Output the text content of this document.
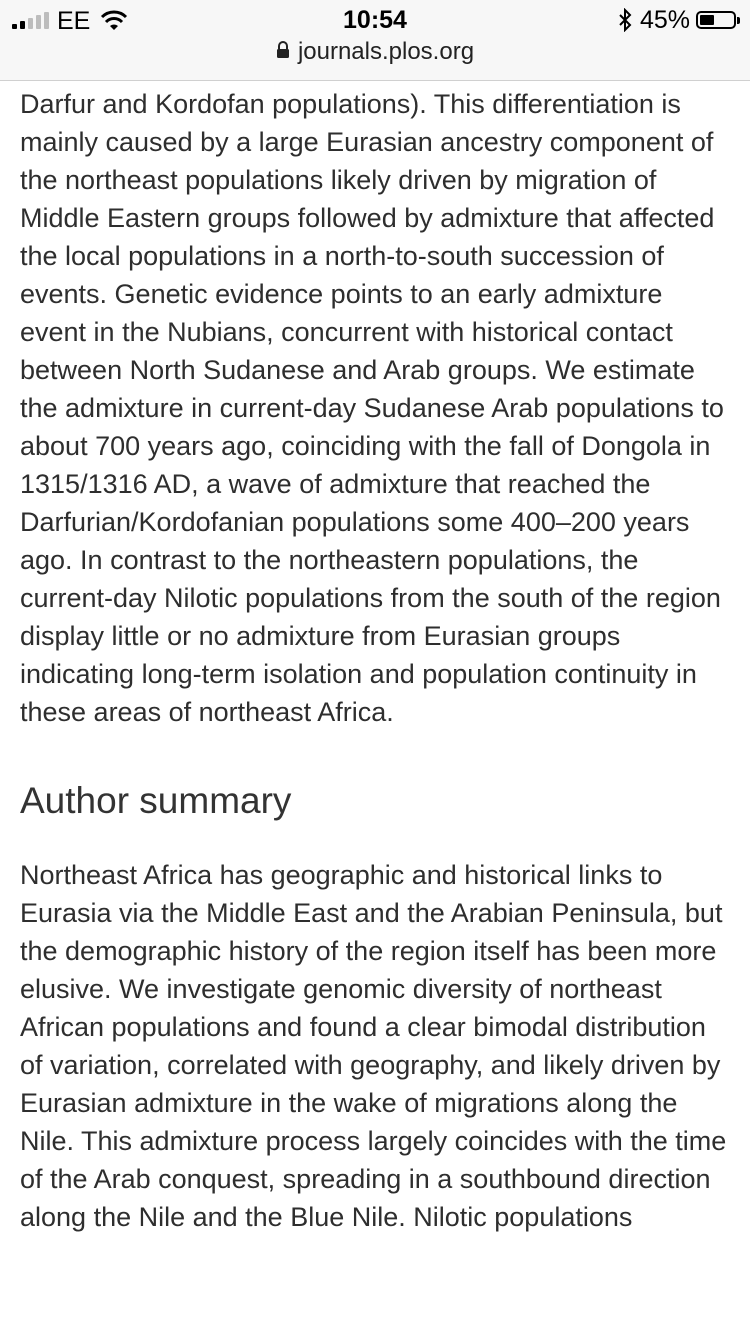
EE	10:54	45%
journals.plos.org

Darfur and Kordofan populations). This differentiation is mainly caused by a large Eurasian ancestry component of the northeast populations likely driven by migration of Middle Eastern groups followed by admixture that affected the local populations in a north-to-south succession of events. Genetic evidence points to an early admixture event in the Nubians, concurrent with historical contact between North Sudanese and Arab groups. We estimate the admixture in current-day Sudanese Arab populations to about 700 years ago, coinciding with the fall of Dongola in 1315/1316 AD, a wave of admixture that reached the Darfurian/Kordofanian populations some 400–200 years ago. In contrast to the northeastern populations, the current-day Nilotic populations from the south of the region display little or no admixture from Eurasian groups indicating long-term isolation and population continuity in these areas of northeast Africa.

Author summary

Northeast Africa has geographic and historical links to Eurasia via the Middle East and the Arabian Peninsula, but the demographic history of the region itself has been more elusive. We investigate genomic diversity of northeast African populations and found a clear bimodal distribution of variation, correlated with geography, and likely driven by Eurasian admixture in the wake of migrations along the Nile. This admixture process largely coincides with the time of the Arab conquest, spreading in a southbound direction along the Nile and the Blue Nile. Nilotic populations
